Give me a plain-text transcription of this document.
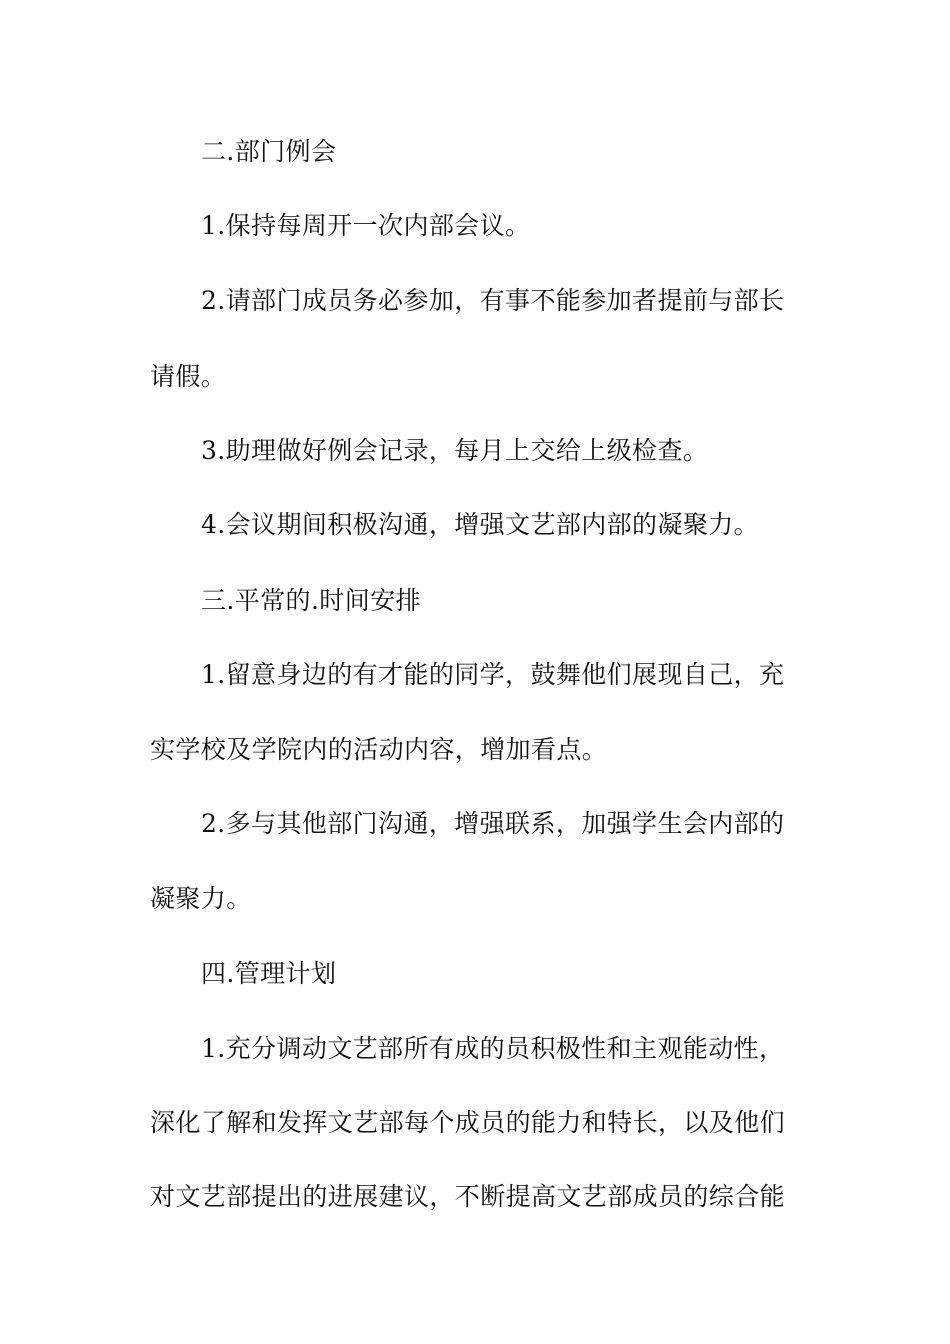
二.部门例会
1.保持每周开一次内部会议。
2.请部门成员务必参加，有事不能参加者提前与部长
请假。
3.助理做好例会记录，每月上交给上级检查。
4.会议期间积极沟通，增强文艺部内部的凝聚力。
三.平常的.时间安排
1.留意身边的有才能的同学，鼓舞他们展现自己，充
实学校及学院内的活动内容，增加看点。
2.多与其他部门沟通，增强联系，加强学生会内部的
凝聚力。
四.管理计划
1.充分调动文艺部所有成的员积极性和主观能动性，
深化了解和发挥文艺部每个成员的能力和特长，以及他们
对文艺部提出的进展建议，不断提高文艺部成员的综合能
